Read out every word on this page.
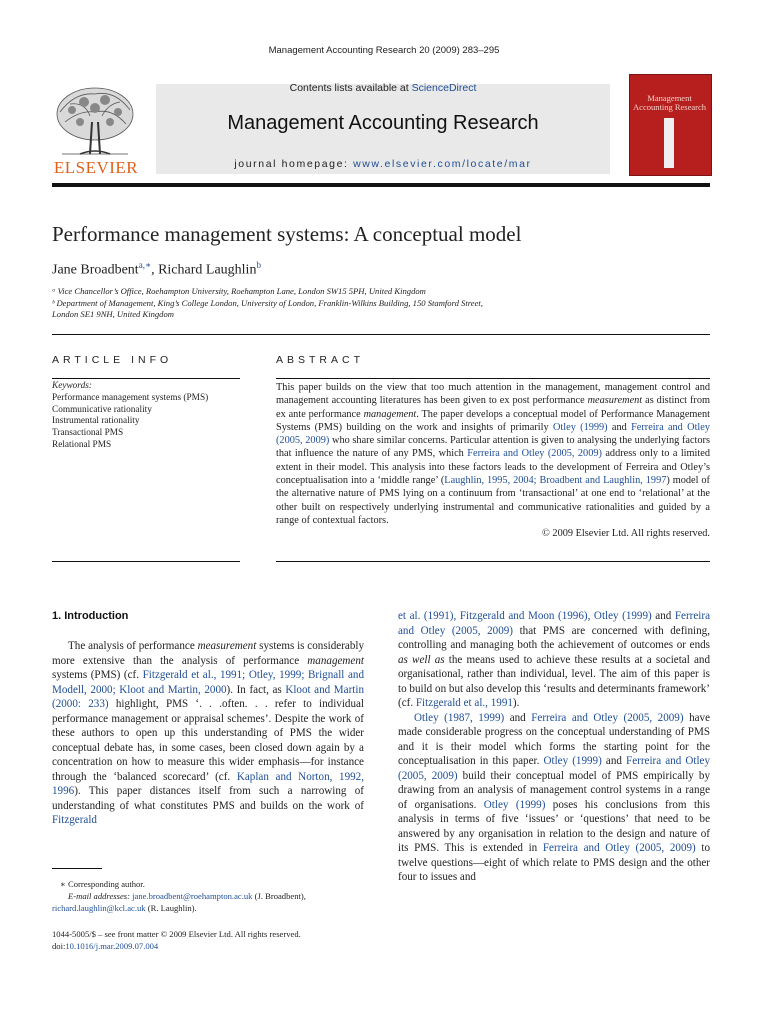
Management Accounting Research 20 (2009) 283–295
ELSEVIER
Contents lists available at ScienceDirect
Management Accounting Research
journal homepage: www.elsevier.com/locate/mar
Management Accounting Research
Performance management systems: A conceptual model
Jane Broadbent$^{a,∗}$, Richard Laughlin$^b$
ᵃ Vice Chancellor’s Office, Roehampton University, Roehampton Lane, London SW15 5PH, United Kingdom
ᵇ Department of Management, King’s College London, University of London, Franklin-Wilkins Building, 150 Stamford Street,
London SE1 9NH, United Kingdom
ARTICLE INFO	ABSTRACT
Keywords:
Performance management systems (PMS)
Communicative rationality
Instrumental rationality
Transactional PMS
Relational PMS
This paper builds on the view that too much attention in the management, management control and management accounting literatures has been given to ex post performance measurement as distinct from ex ante performance management. The paper develops a conceptual model of Performance Management Systems (PMS) building on the work and insights of primarily Otley (1999) and Ferreira and Otley (2005, 2009) who share similar concerns. Particular attention is given to analysing the underlying factors that influence the nature of any PMS, which Ferreira and Otley (2005, 2009) address only to a limited extent in their model. This analysis into these factors leads to the development of Ferreira and Otley’s conceptualisation into a ‘middle range’ (Laughlin, 1995, 2004; Broadbent and Laughlin, 1997) model of the alternative nature of PMS lying on a continuum from ‘transactional’ at one end to ‘relational’ at the other built on respectively underlying instrumental and communicative rationalities and guided by a range of contextual factors.
© 2009 Elsevier Ltd. All rights reserved.
1. Introduction
The analysis of performance measurement systems is considerably more extensive than the analysis of performance management systems (PMS) (cf. Fitzgerald et al., 1991; Otley, 1999; Brignall and Modell, 2000; Kloot and Martin, 2000). In fact, as Kloot and Martin (2000: 233) highlight, PMS ‘. . .often. . . refer to individual performance management or appraisal schemes’. Despite the work of these authors to open up this understanding of PMS the wider conceptual debate has, in some cases, been closed down again by a concentration on how to measure this wider emphasis—for instance through the ‘balanced scorecard’ (cf. Kaplan and Norton, 1992, 1996). This paper distances itself from such a narrowing of understanding of what constitutes PMS and builds on the work of Fitzgerald

et al. (1991), Fitzgerald and Moon (1996), Otley (1999) and Ferreira and Otley (2005, 2009) that PMS are concerned with defining, controlling and managing both the achievement of outcomes or ends as well as the means used to achieve these results at a societal and organisational, rather than individual, level. The aim of this paper is to build on but also develop this ‘results and determinants framework’ (cf. Fitzgerald et al., 1991).

Otley (1987, 1999) and Ferreira and Otley (2005, 2009) have made considerable progress on the conceptual understanding of PMS and it is their model which forms the starting point for the conceptualisation in this paper. Otley (1999) and Ferreira and Otley (2005, 2009) build their conceptual model of PMS empirically by drawing from an analysis of management control systems in a range of organisations. Otley (1999) poses his conclusions from this analysis in terms of five ‘issues’ or ‘questions’ that need to be answered by any organisation in relation to the design and nature of its PMS. This is extended in Ferreira and Otley (2005, 2009) to twelve questions—eight of which relate to PMS design and the other four to issues and

∗ Corresponding author.
E-mail addresses: jane.broadbent@roehampton.ac.uk (J. Broadbent),
richard.laughlin@kcl.ac.uk (R. Laughlin).
1044-5005/$ – see front matter © 2009 Elsevier Ltd. All rights reserved.
doi:10.1016/j.mar.2009.07.004
